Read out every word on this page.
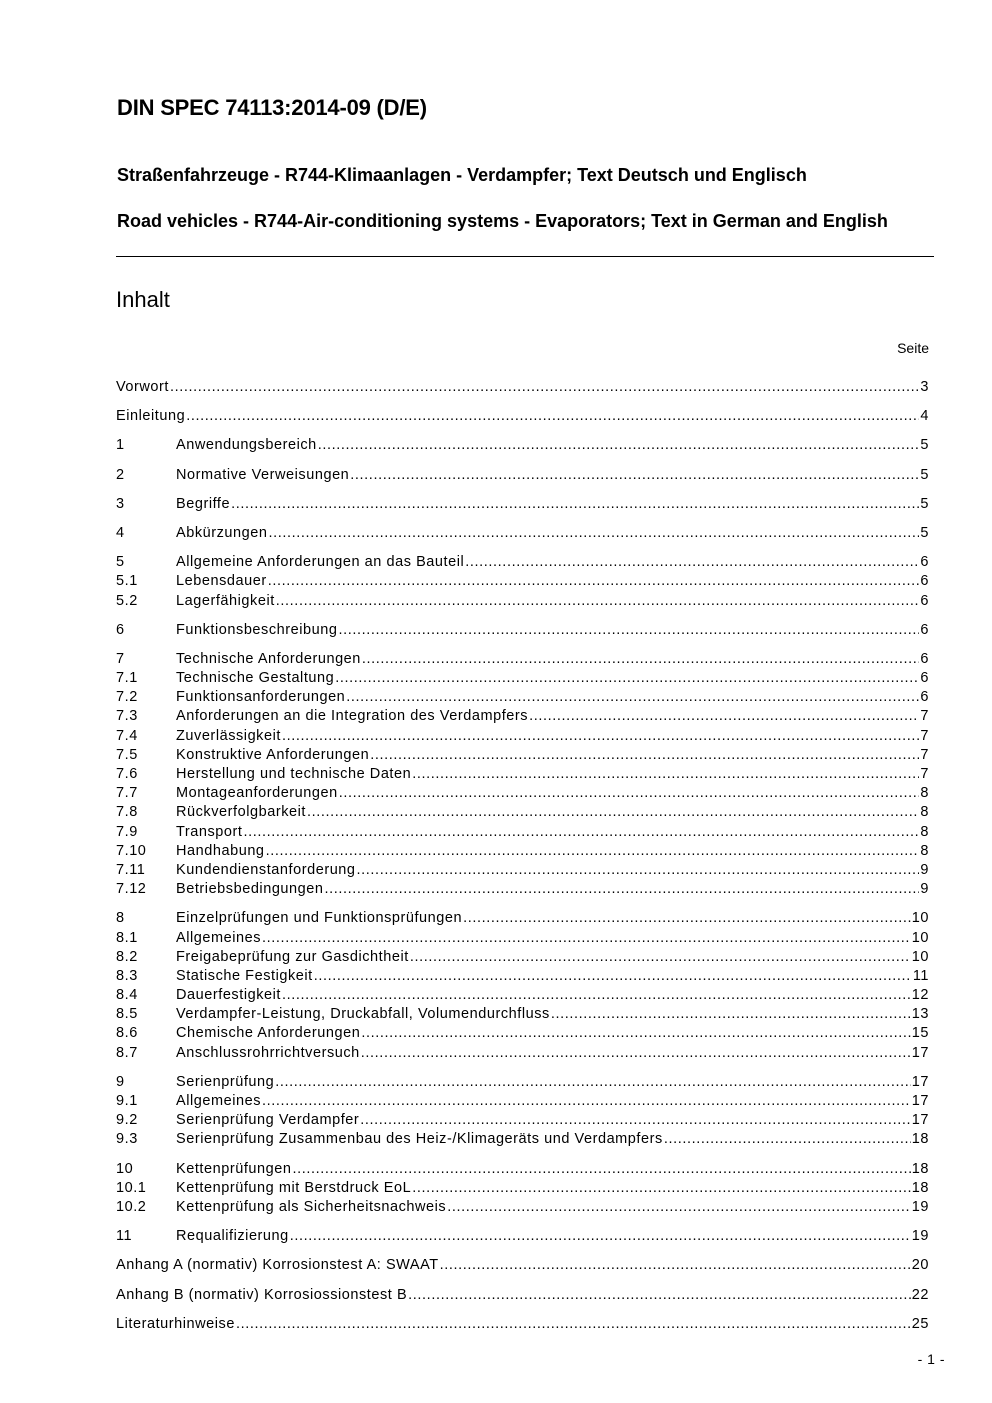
DIN SPEC 74113:2014-09 (D/E)

Straßenfahrzeuge - R744-Klimaanlagen - Verdampfer; Text Deutsch und Englisch

Road vehicles - R744-Air-conditioning systems - Evaporators; Text in German and English

Inhalt
Seite
Vorwort .....	3
Einleitung .....	4
1	Anwendungsbereich .....	5
2	Normative Verweisungen .....	5
3	Begriffe .....	5
4	Abkürzungen .....	5
5	Allgemeine Anforderungen an das Bauteil .....	6
5.1	Lebensdauer .....	6
5.2	Lagerfähigkeit .....	6
6	Funktionsbeschreibung .....	6
7	Technische Anforderungen .....	6
7.1	Technische Gestaltung .....	6
7.2	Funktionsanforderungen .....	6
7.3	Anforderungen an die Integration des Verdampfers .....	7
7.4	Zuverlässigkeit .....	7
7.5	Konstruktive Anforderungen .....	7
7.6	Herstellung und technische Daten .....	7
7.7	Montageanforderungen .....	8
7.8	Rückverfolgbarkeit .....	8
7.9	Transport .....	8
7.10	Handhabung .....	8
7.11	Kundendienstanforderung .....	9
7.12	Betriebsbedingungen .....	9
8	Einzelprüfungen und Funktionsprüfungen .....	10
8.1	Allgemeines .....	10
8.2	Freigabeprüfung zur Gasdichtheit .....	10
8.3	Statische Festigkeit .....	11
8.4	Dauerfestigkeit .....	12
8.5	Verdampfer-Leistung, Druckabfall, Volumendurchfluss .....	13
8.6	Chemische Anforderungen .....	15
8.7	Anschlussrohrrichtversuch .....	17
9	Serienprüfung .....	17
9.1	Allgemeines .....	17
9.2	Serienprüfung Verdampfer .....	17
9.3	Serienprüfung Zusammenbau des Heiz-/Klimageräts und Verdampfers .....	18
10	Kettenprüfungen .....	18
10.1	Kettenprüfung mit Berstdruck EoL .....	18
10.2	Kettenprüfung als Sicherheitsnachweis .....	19
11	Requalifizierung .....	19
Anhang A (normativ) Korrosionstest A: SWAAT .....	20
Anhang B (normativ) Korrosiossionstest B .....	22
Literaturhinweise .....	25
- 1 -
